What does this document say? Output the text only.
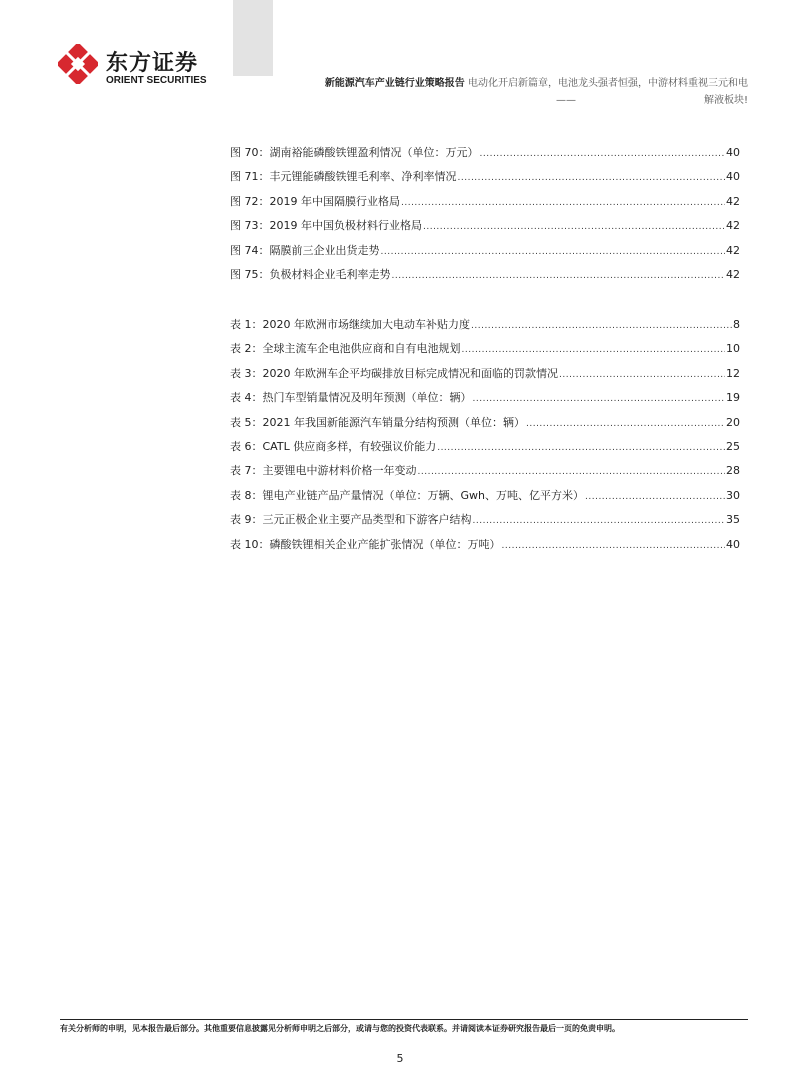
东方证券
ORIENT SECURITIES	新能源汽车产业链行业策略报告 电动化开启新篇章，电池龙头强者恒强，中游材料重视三元和电
——	解液板块!
图 70：湖南裕能磷酸铁锂盈利情况（单位：万元） .....	40
图 71：丰元锂能磷酸铁锂毛利率、净利率情况 .....	40
图 72：2019 年中国隔膜行业格局 .....	42
图 73：2019 年中国负极材料行业格局 .....	42
图 74：隔膜前三企业出货走势 .....	42
图 75：负极材料企业毛利率走势 .....	42
表 1：2020 年欧洲市场继续加大电动车补贴力度 .....	8
表 2：全球主流车企电池供应商和自有电池规划 .....	10
表 3：2020 年欧洲车企平均碳排放目标完成情况和面临的罚款情况 .....	12
表 4：热门车型销量情况及明年预测（单位：辆） .....	19
表 5：2021 年我国新能源汽车销量分结构预测（单位：辆） .....	20
表 6：CATL 供应商多样，有较强议价能力 .....	25
表 7：主要锂电中游材料价格一年变动 .....	28
表 8：锂电产业链产品产量情况（单位：万辆、Gwh、万吨、亿平方米） .....	30
表 9：三元正极企业主要产品类型和下游客户结构 .....	35
表 10：磷酸铁锂相关企业产能扩张情况（单位：万吨） .....	40
有关分析师的申明，见本报告最后部分。其他重要信息披露见分析师申明之后部分，或请与您的投资代表联系。并请阅读本证券研究报告最后一页的免责申明。
5
